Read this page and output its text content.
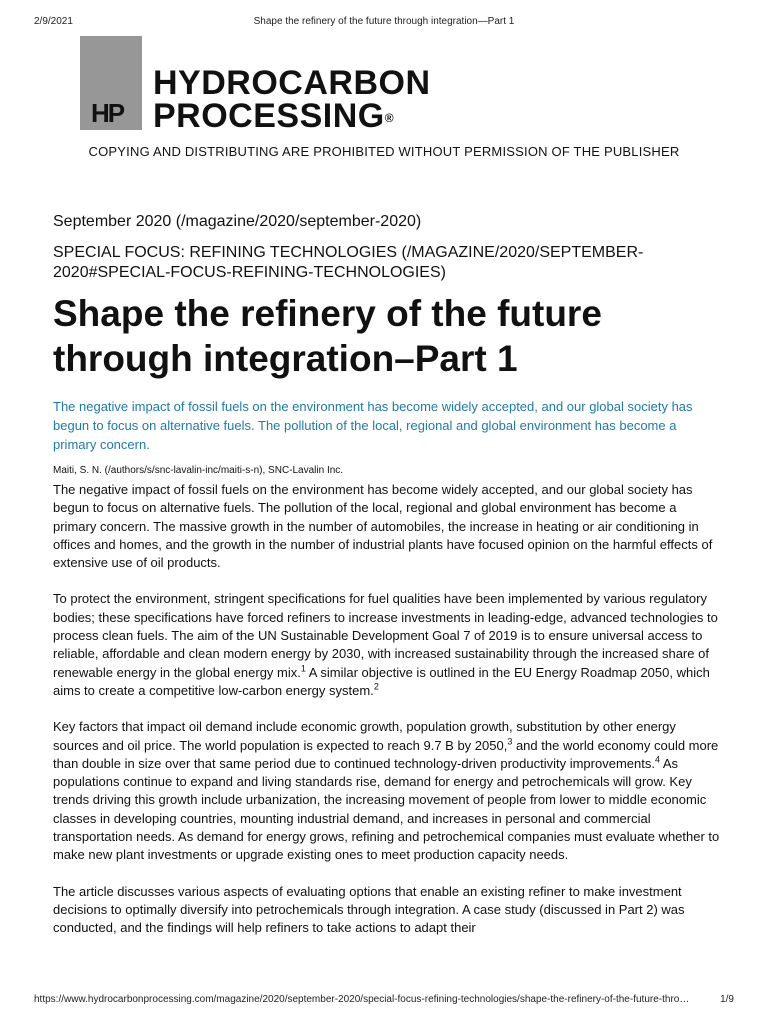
2/9/2021	Shape the refinery of the future through integration—Part 1
HP
HYDROCARBON
PROCESSING®
COPYING AND DISTRIBUTING ARE PROHIBITED WITHOUT PERMISSION OF THE PUBLISHER
September 2020 (/magazine/2020/september-2020)
SPECIAL FOCUS: REFINING TECHNOLOGIES (/MAGAZINE/2020/SEPTEMBER-2020#SPECIAL-FOCUS-REFINING-TECHNOLOGIES)
Shape the refinery of the future through integration–Part 1
The negative impact of fossil fuels on the environment has become widely accepted, and our global society has begun to focus on alternative fuels. The pollution of the local, regional and global environment has become a primary concern.
Maiti, S. N. (/authors/s/snc-lavalin-inc/maiti-s-n), SNC-Lavalin Inc.

The negative impact of fossil fuels on the environment has become widely accepted, and our global society has begun to focus on alternative fuels. The pollution of the local, regional and global environment has become a primary concern. The massive growth in the number of automobiles, the increase in heating or air conditioning in offices and homes, and the growth in the number of industrial plants have focused opinion on the harmful effects of extensive use of oil products.

To protect the environment, stringent specifications for fuel qualities have been implemented by various regulatory bodies; these specifications have forced refiners to increase investments in leading-edge, advanced technologies to process clean fuels. The aim of the UN Sustainable Development Goal 7 of 2019 is to ensure universal access to reliable, affordable and clean modern energy by 2030, with increased sustainability through the increased share of renewable energy in the global energy mix.$^1$ A similar objective is outlined in the EU Energy Roadmap 2050, which aims to create a competitive low-carbon energy system.$^2$

Key factors that impact oil demand include economic growth, population growth, substitution by other energy sources and oil price. The world population is expected to reach 9.7 B by 2050,$^3$ and the world economy could more than double in size over that same period due to continued technology-driven productivity improvements.$^4$ As populations continue to expand and living standards rise, demand for energy and petrochemicals will grow. Key trends driving this growth include urbanization, the increasing movement of people from lower to middle economic classes in developing countries, mounting industrial demand, and increases in personal and commercial transportation needs. As demand for energy grows, refining and petrochemical companies must evaluate whether to make new plant investments or upgrade existing ones to meet production capacity needs.

The article discusses various aspects of evaluating options that enable an existing refiner to make investment decisions to optimally diversify into petrochemicals through integration. A case study (discussed in Part 2) was conducted, and the findings will help refiners to take actions to adapt their

https://www.hydrocarbonprocessing.com/magazine/2020/september-2020/special-focus-refining-technologies/shape-the-refinery-of-the-future-thro…	1/9
